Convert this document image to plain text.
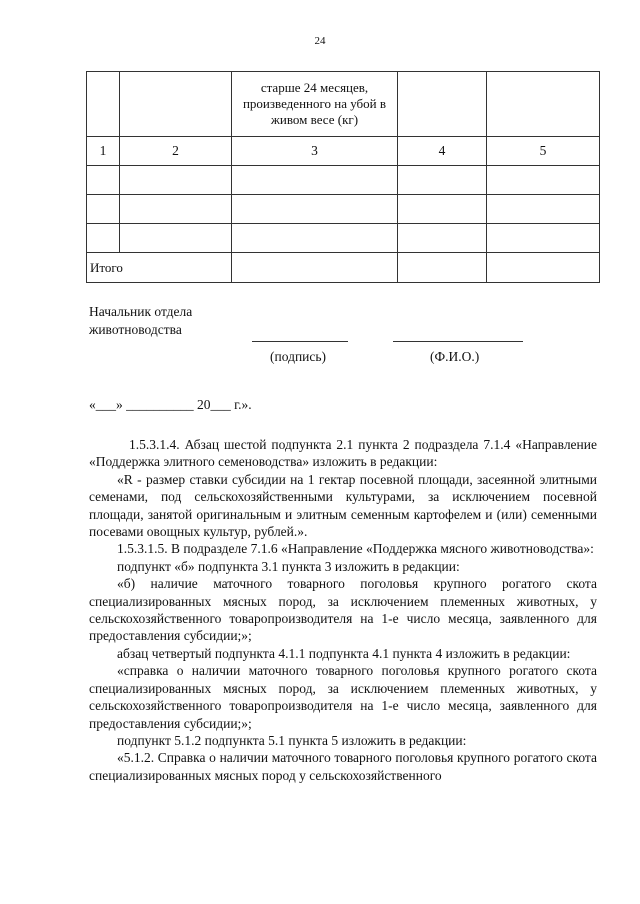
24
		старше 24 месяцев, произведенного на убой в живом весе (кг)		
1	2	3	4	5

Итого				
Начальник отдела
животноводства
(подпись)	(Ф.И.О.)
«___» __________ 20___ г.».

1.5.3.1.4. Абзац шестой подпункта 2.1 пункта 2 подраздела 7.1.4 «Направление «Поддержка элитного семеноводства» изложить в редакции:

«R - размер ставки субсидии на 1 гектар посевной площади, засеянной элитными семенами, под сельскохозяйственными культурами, за исключением посевной площади, занятой оригинальным и элитным семенным картофелем и (или) семенными посевами овощных культур, рублей.».

1.5.3.1.5. В подразделе 7.1.6 «Направление «Поддержка мясного животноводства»:

подпункт «б» подпункта 3.1 пункта 3 изложить в редакции:

«б) наличие маточного товарного поголовья крупного рогатого скота специализированных мясных пород, за исключением племенных животных, у сельскохозяйственного товаропроизводителя на 1-е число месяца, заявленного для предоставления субсидии;»;

абзац четвертый подпункта 4.1.1 подпункта 4.1 пункта 4 изложить в редакции:

«справка о наличии маточного товарного поголовья крупного рогатого скота специализированных мясных пород, за исключением племенных животных, у сельскохозяйственного товаропроизводителя на 1-е число месяца, заявленного для предоставления субсидии;»;

подпункт 5.1.2 подпункта 5.1 пункта 5 изложить в редакции:

«5.1.2. Справка о наличии маточного товарного поголовья крупного рогатого скота специализированных мясных пород у сельскохозяйственного
